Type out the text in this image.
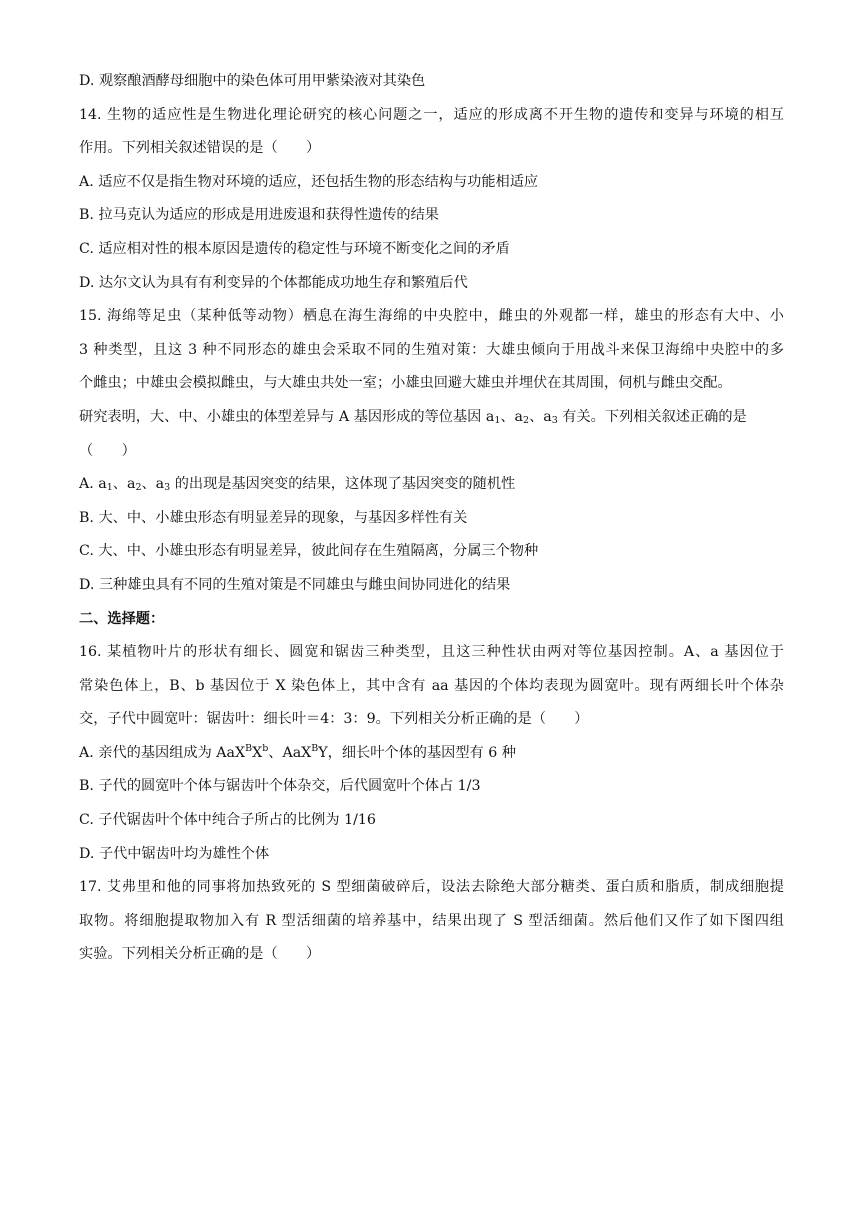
D. 观察酿酒酵母细胞中的染色体可用甲紫染液对其染色
14. 生物的适应性是生物进化理论研究的核心问题之一，适应的形成离不开生物的遗传和变异与环境的相互
作用。下列相关叙述错误的是（　　）
A. 适应不仅是指生物对环境的适应，还包括生物的形态结构与功能相适应
B. 拉马克认为适应的形成是用进废退和获得性遗传的结果
C. 适应相对性的根本原因是遗传的稳定性与环境不断变化之间的矛盾
D. 达尔文认为具有有利变异的个体都能成功地生存和繁殖后代
15. 海绵等足虫（某种低等动物）栖息在海生海绵的中央腔中，雌虫的外观都一样，雄虫的形态有大中、小
3 种类型，且这 3 种不同形态的雄虫会采取不同的生殖对策：大雄虫倾向于用战斗来保卫海绵中央腔中的多
个雌虫；中雄虫会模拟雌虫，与大雄虫共处一室；小雄虫回避大雄虫并埋伏在其周围，伺机与雌虫交配。
研究表明，大、中、小雄虫的体型差异与 A 基因形成的等位基因 $a_1$、$a_2$、$a_3$ 有关。下列相关叙述正确的是
（　　）
A. $a_1$、$a_2$、$a_3$ 的出现是基因突变的结果，这体现了基因突变的随机性
B. 大、中、小雄虫形态有明显差异的现象，与基因多样性有关
C. 大、中、小雄虫形态有明显差异，彼此间存在生殖隔离，分属三个物种
D. 三种雄虫具有不同的生殖对策是不同雄虫与雌虫间协同进化的结果
二、选择题：
16. 某植物叶片的形状有细长、圆宽和锯齿三种类型，且这三种性状由两对等位基因控制。A、a 基因位于
常染色体上，B、b 基因位于 X 染色体上，其中含有 aa 基因的个体均表现为圆宽叶。现有两细长叶个体杂
交，子代中圆宽叶：锯齿叶：细长叶＝4：3：9。下列相关分析正确的是（　　）
A. 亲代的基因组成为 $AaX^BX^b$、AaX$^B$Y，细长叶个体的基因型有 6 种
B. 子代的圆宽叶个体与锯齿叶个体杂交，后代圆宽叶个体占 1/3
C. 子代锯齿叶个体中纯合子所占的比例为 1/16
D. 子代中锯齿叶均为雄性个体
17. 艾弗里和他的同事将加热致死的 S 型细菌破碎后，设法去除绝大部分糖类、蛋白质和脂质，制成细胞提
取物。将细胞提取物加入有 R 型活细菌的培养基中，结果出现了 S 型活细菌。然后他们又作了如下图四组
实验。下列相关分析正确的是（　　）
